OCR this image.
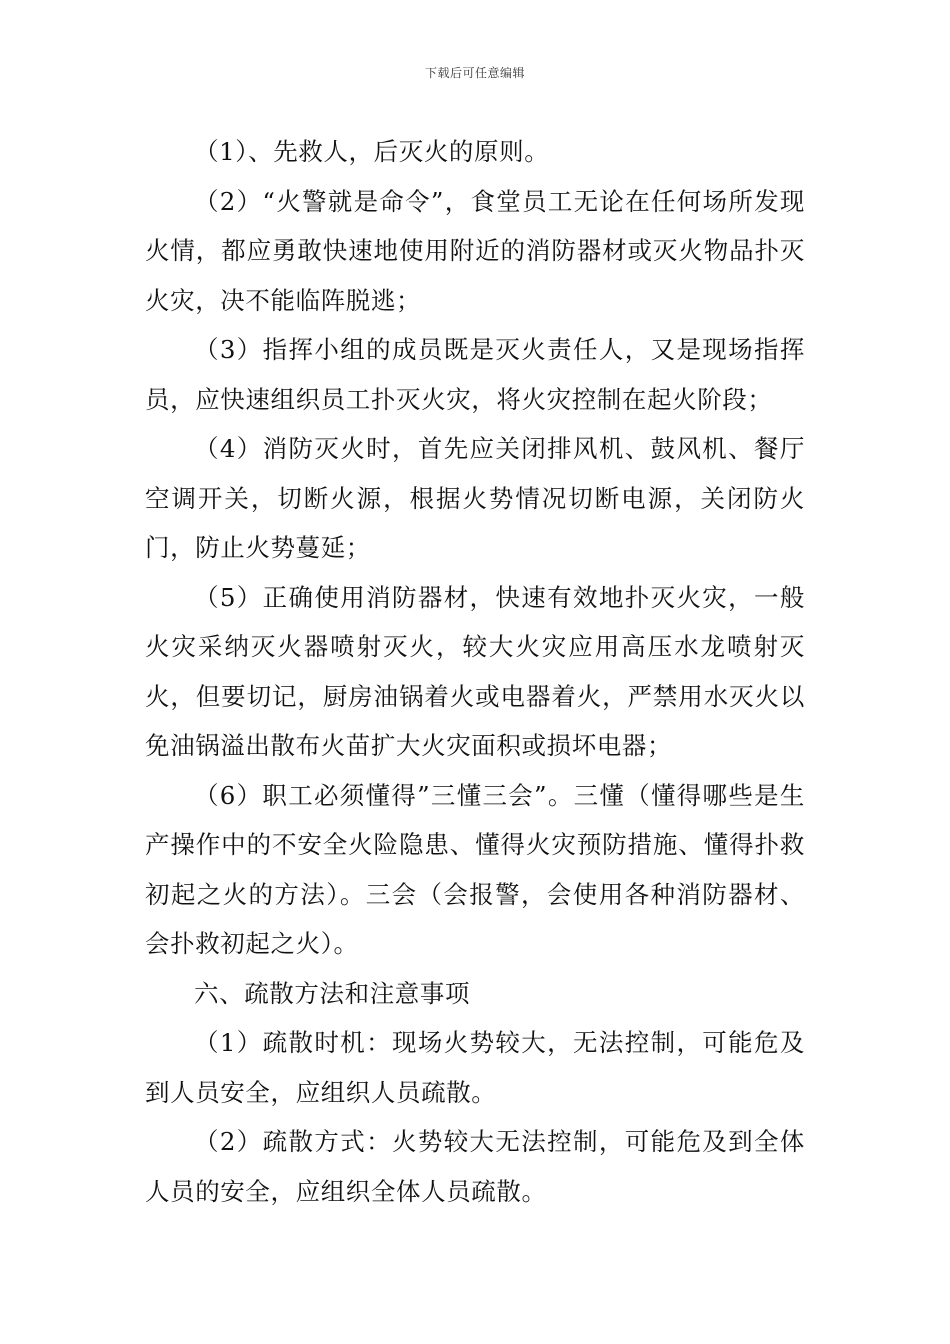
下载后可任意编辑

（1）、先救人，后灭火的原则。

（2）“火警就是命令”，食堂员工无论在任何场所发现火情，都应勇敢快速地使用附近的消防器材或灭火物品扑灭火灾，决不能临阵脱逃；

（3）指挥小组的成员既是灭火责任人，又是现场指挥员，应快速组织员工扑灭火灾，将火灾控制在起火阶段；

（4）消防灭火时，首先应关闭排风机、鼓风机、餐厅空调开关，切断火源，根据火势情况切断电源，关闭防火门，防止火势蔓延；

（5）正确使用消防器材，快速有效地扑灭火灾，一般火灾采纳灭火器喷射灭火，较大火灾应用高压水龙喷射灭火，但要切记，厨房油锅着火或电器着火，严禁用水灭火以免油锅溢出散布火苗扩大火灾面积或损坏电器；

（6）职工必须懂得”三懂三会”。三懂（懂得哪些是生产操作中的不安全火险隐患、懂得火灾预防措施、懂得扑救初起之火的方法）。三会（会报警，会使用各种消防器材、会扑救初起之火）。

六、疏散方法和注意事项

（1）疏散时机：现场火势较大，无法控制，可能危及到人员安全，应组织人员疏散。

（2）疏散方式：火势较大无法控制，可能危及到全体人员的安全，应组织全体人员疏散。
